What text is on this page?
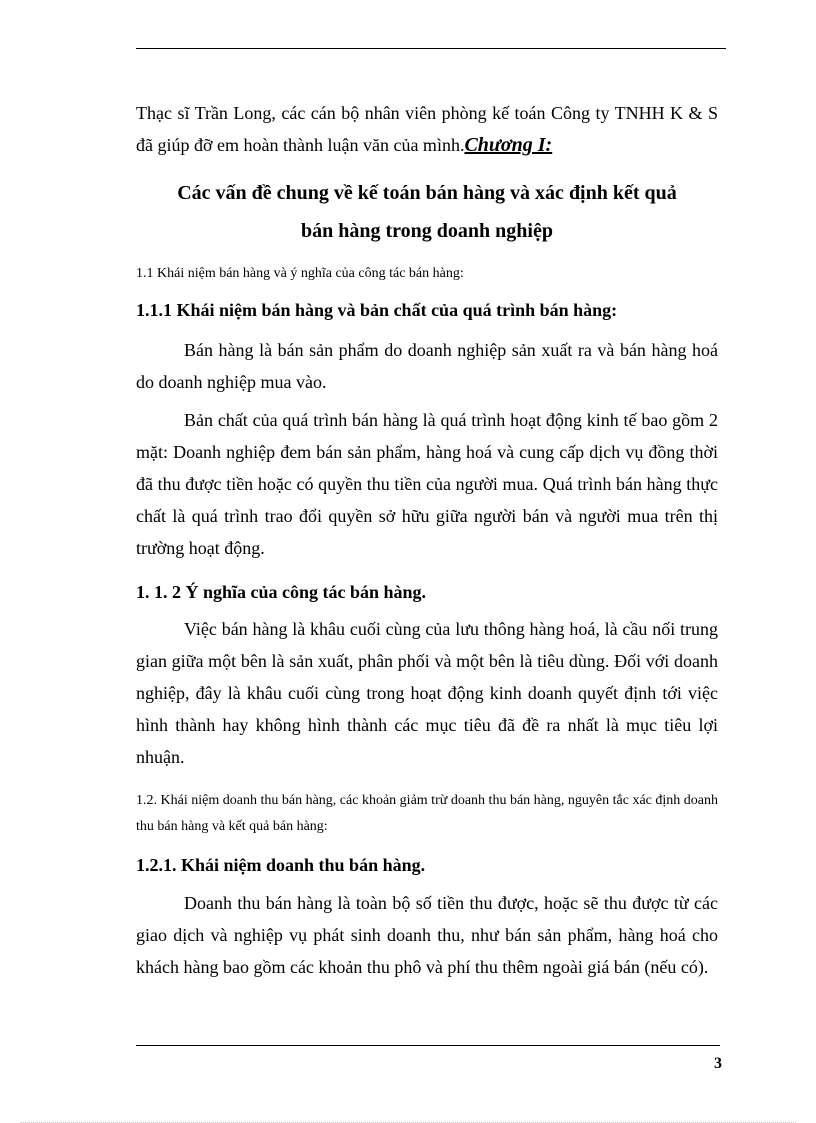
Thạc sĩ Trần Long, các cán bộ nhân viên phòng kế toán Công ty TNHH K & S đã giúp đỡ em hoàn thành luận văn của mình.Chương I:

Các vấn đề chung về kế toán bán hàng và xác định kết quả

bán hàng trong doanh nghiệp

1.1 Khái niệm bán hàng và ý nghĩa của công tác bán hàng:

1.1.1 Khái niệm bán hàng và bản chất của quá trình bán hàng:

Bán hàng là bán sản phẩm do doanh nghiệp sản xuất ra và bán hàng hoá do doanh nghiệp mua vào.

Bản chất của quá trình bán hàng là quá trình hoạt động kinh tế bao gồm 2 mặt: Doanh nghiệp đem bán sản phẩm, hàng hoá và cung cấp dịch vụ đồng thời đã thu được tiền hoặc có quyền thu tiền của người mua. Quá trình bán hàng thực chất là quá trình trao đổi quyền sở hữu giữa người bán và người mua trên thị trường hoạt động.

1. 1. 2 Ý nghĩa của công tác bán hàng.

Việc bán hàng là khâu cuối cùng của lưu thông hàng hoá, là cầu nối trung gian giữa một bên là sản xuất, phân phối và một bên là tiêu dùng. Đối với doanh nghiệp, đây là khâu cuối cùng trong hoạt động kinh doanh quyết định tới việc hình thành hay không hình thành các mục tiêu đã đề ra nhất là mục tiêu lợi nhuận.

1.2. Khái niệm doanh thu bán hàng, các khoản giảm trừ doanh thu bán hàng, nguyên tắc xác định doanh thu bán hàng và kết quả bán hàng:

1.2.1. Khái niệm doanh thu bán hàng.

Doanh thu bán hàng là toàn bộ số tiền thu được, hoặc sẽ thu được từ các giao dịch và nghiệp vụ phát sinh doanh thu, như bán sản phẩm, hàng hoá cho khách hàng bao gồm các khoản thu phô và phí thu thêm ngoài giá bán (nếu có).

3
